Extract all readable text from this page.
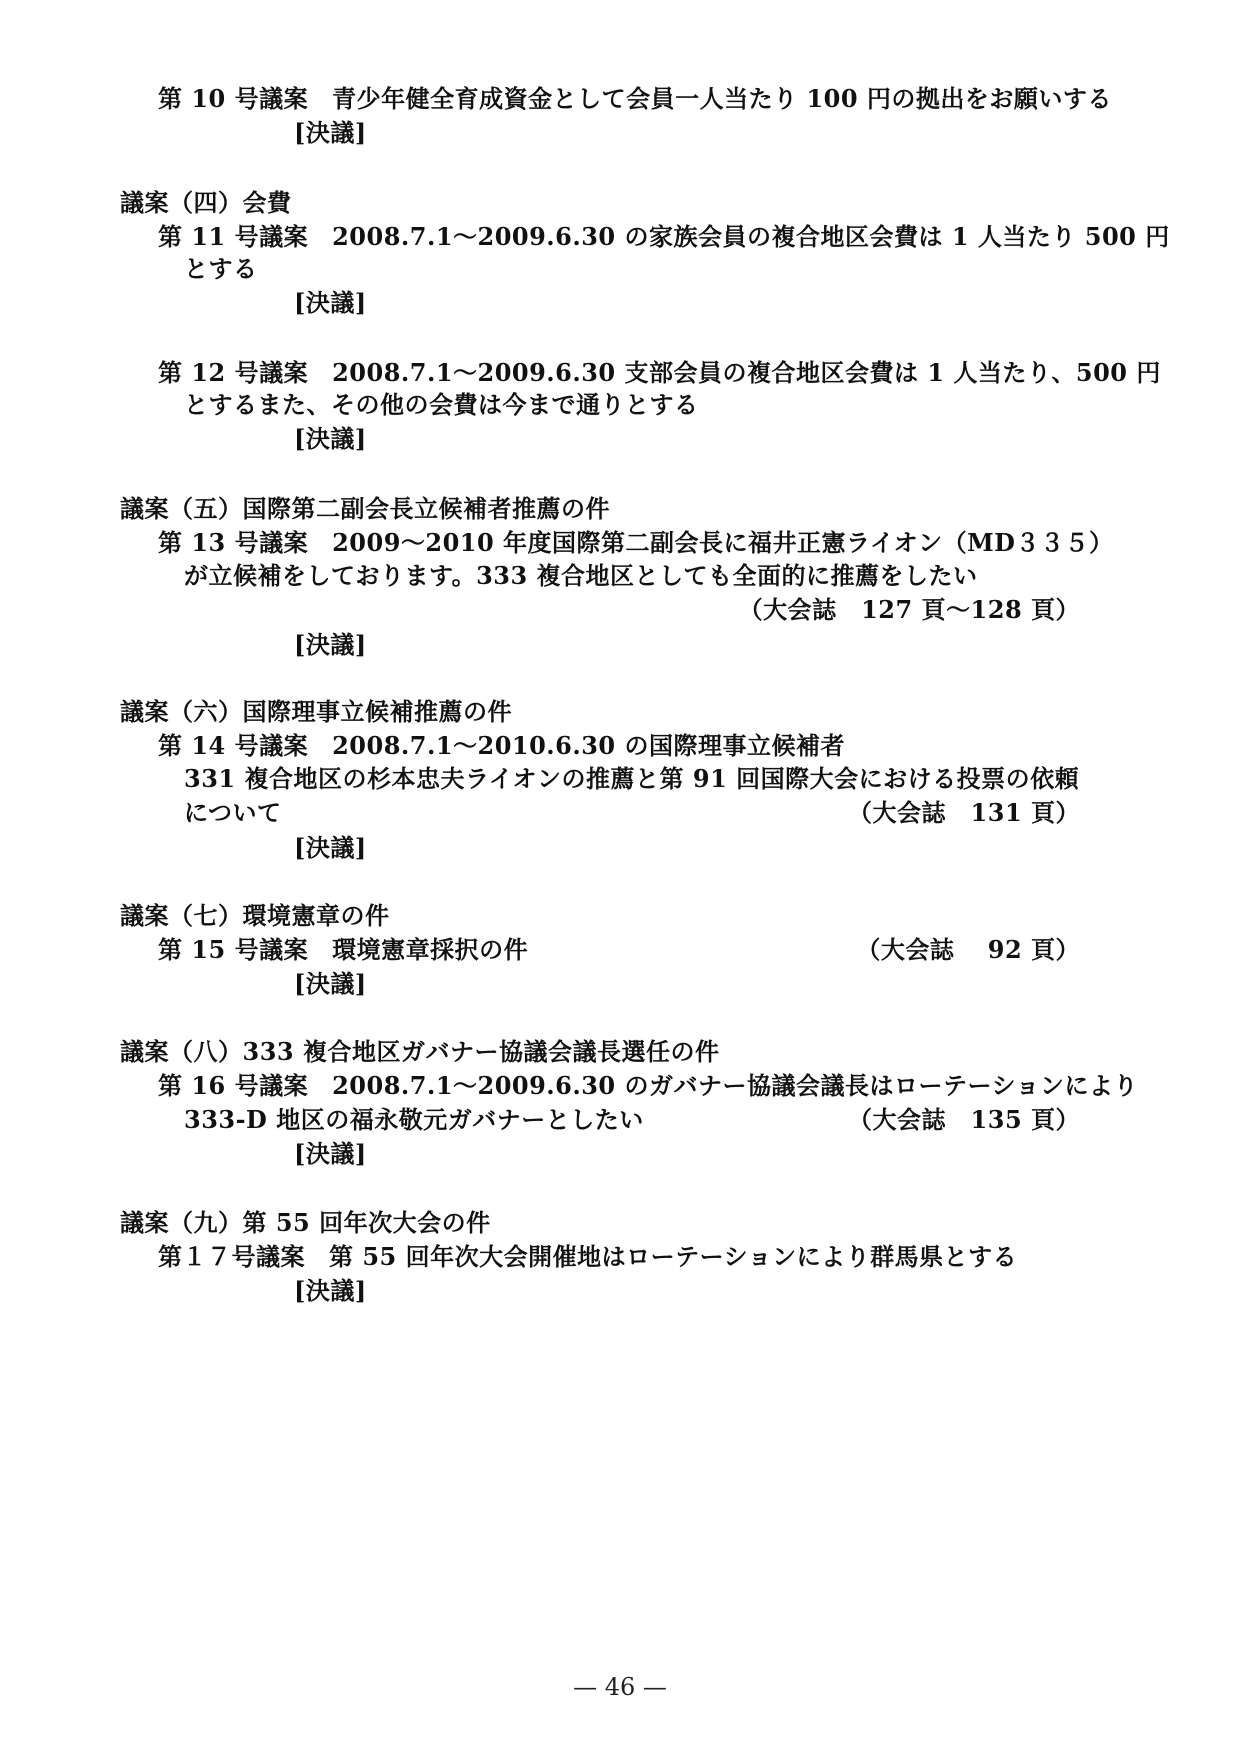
第 10 号議案 青少年健全育成資金として会員一人当たり 100 円の拠出をお願いする
[決議]
議案（四）会費
第 11 号議案 2008.7.1～2009.6.30 の家族会員の複合地区会費は 1 人当たり 500 円
とする
[決議]
第 12 号議案 2008.7.1～2009.6.30 支部会員の複合地区会費は 1 人当たり、500 円
とするまた、その他の会費は今まで通りとする
[決議]
議案（五）国際第二副会長立候補者推薦の件
第 13 号議案 2009～2010 年度国際第二副会長に福井正憲ライオン（MD３３５）
が立候補をしております。333 複合地区としても全面的に推薦をしたい
（大会誌　127 頁～128 頁）
[決議]
議案（六）国際理事立候補推薦の件
第 14 号議案 2008.7.1～2010.6.30 の国際理事立候補者
331 複合地区の杉本忠夫ライオンの推薦と第 91 回国際大会における投票の依頼
について	（大会誌　131 頁）
[決議]
議案（七）環境憲章の件
第 15 号議案 環境憲章採択の件	（大会誌　 92 頁）
[決議]
議案（八）333 複合地区ガバナー協議会議長選任の件
第 16 号議案 2008.7.1～2009.6.30 のガバナー協議会議長はローテーションにより
333-D 地区の福永敬元ガバナーとしたい	（大会誌　135 頁）
[決議]
議案（九）第 55 回年次大会の件
第１７号議案 第 55 回年次大会開催地はローテーションにより群馬県とする
[決議]
— 46 —
